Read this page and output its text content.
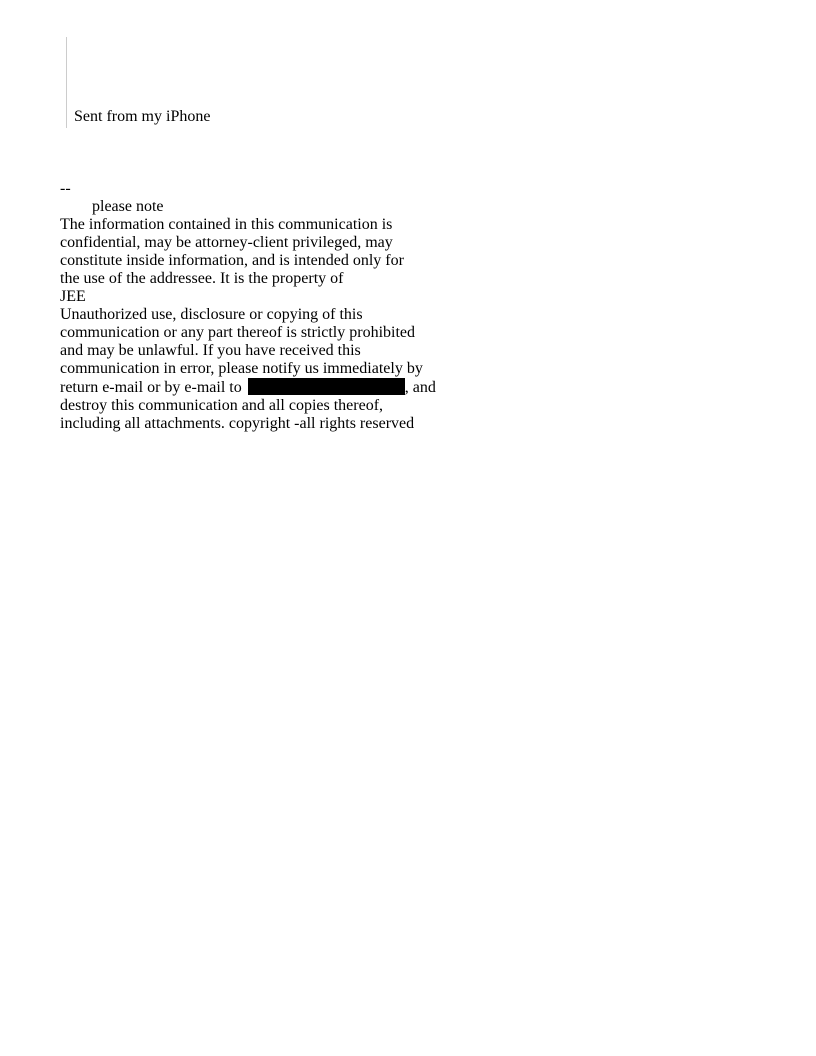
Sent from my iPhone
--
please note
The information contained in this communication is
confidential, may be attorney-client privileged, may
constitute inside information, and is intended only for
the use of the addressee. It is the property of
JEE
Unauthorized use, disclosure or copying of this
communication or any part thereof is strictly prohibited
and may be unlawful. If you have received this
communication in error, please notify us immediately by
return e-mail or by e-mail to	, and
destroy this communication and all copies thereof,
including all attachments. copyright -all rights reserved
